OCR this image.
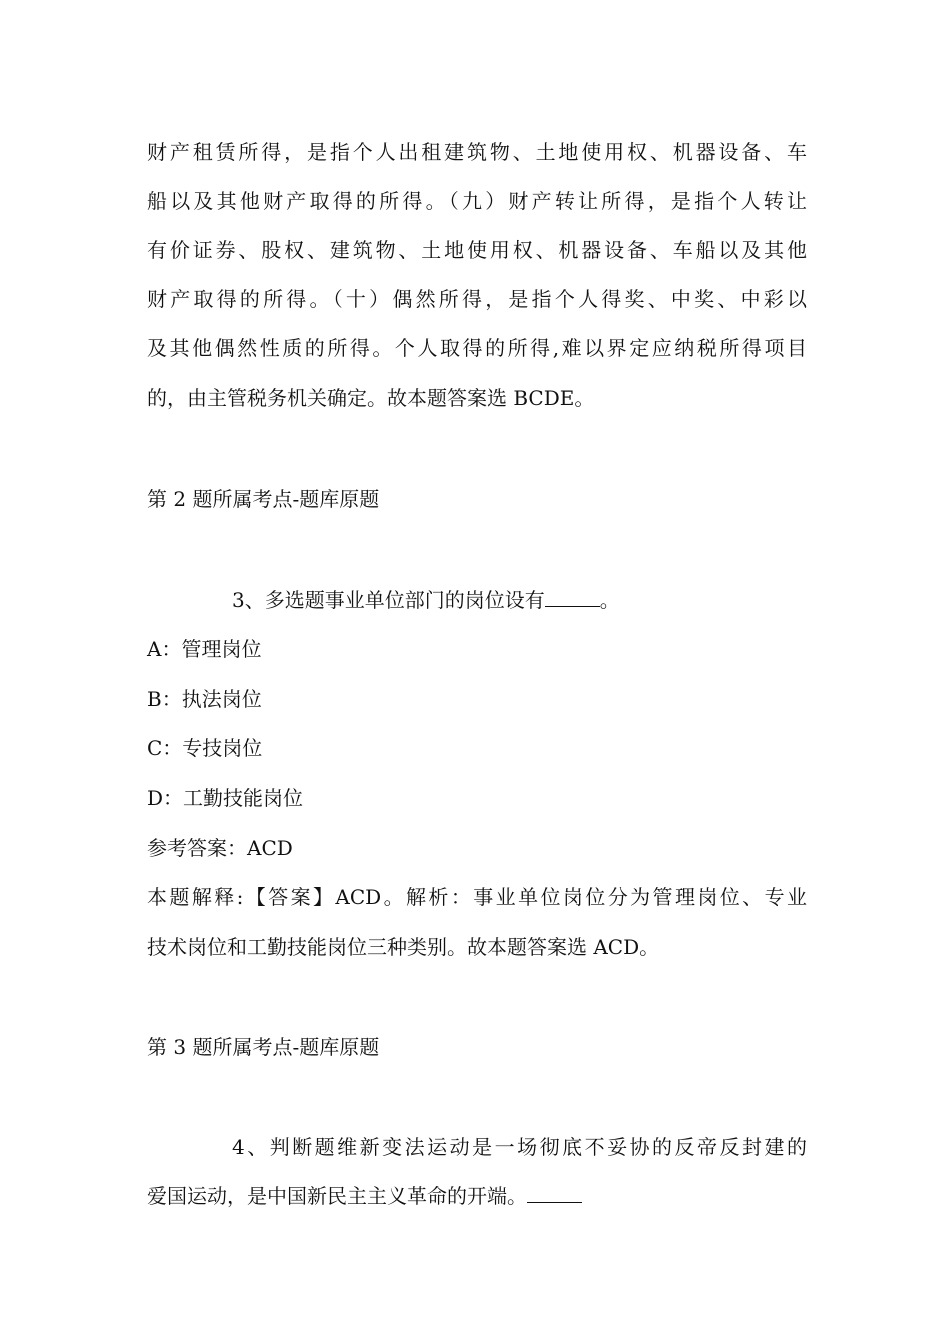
财产租赁所得，是指个人出租建筑物、土地使用权、机器设备、车
船以及其他财产取得的所得。（九）财产转让所得，是指个人转让
有价证券、股权、建筑物、土地使用权、机器设备、车船以及其他
财产取得的所得。（十）偶然所得，是指个人得奖、中奖、中彩以
及其他偶然性质的所得。个人取得的所得,难以界定应纳税所得项目
的，由主管税务机关确定。故本题答案选 BCDE。
第 2 题所属考点-题库原题
3、多选题事业单位部门的岗位设有	。
A：管理岗位
B：执法岗位
C：专技岗位
D：工勤技能岗位
参考答案：ACD
本题解释:【答案】ACD。解析：事业单位岗位分为管理岗位、专业
技术岗位和工勤技能岗位三种类别。故本题答案选 ACD。
第 3 题所属考点-题库原题
4、判断题维新变法运动是一场彻底不妥协的反帝反封建的
爱国运动，是中国新民主主义革命的开端。
